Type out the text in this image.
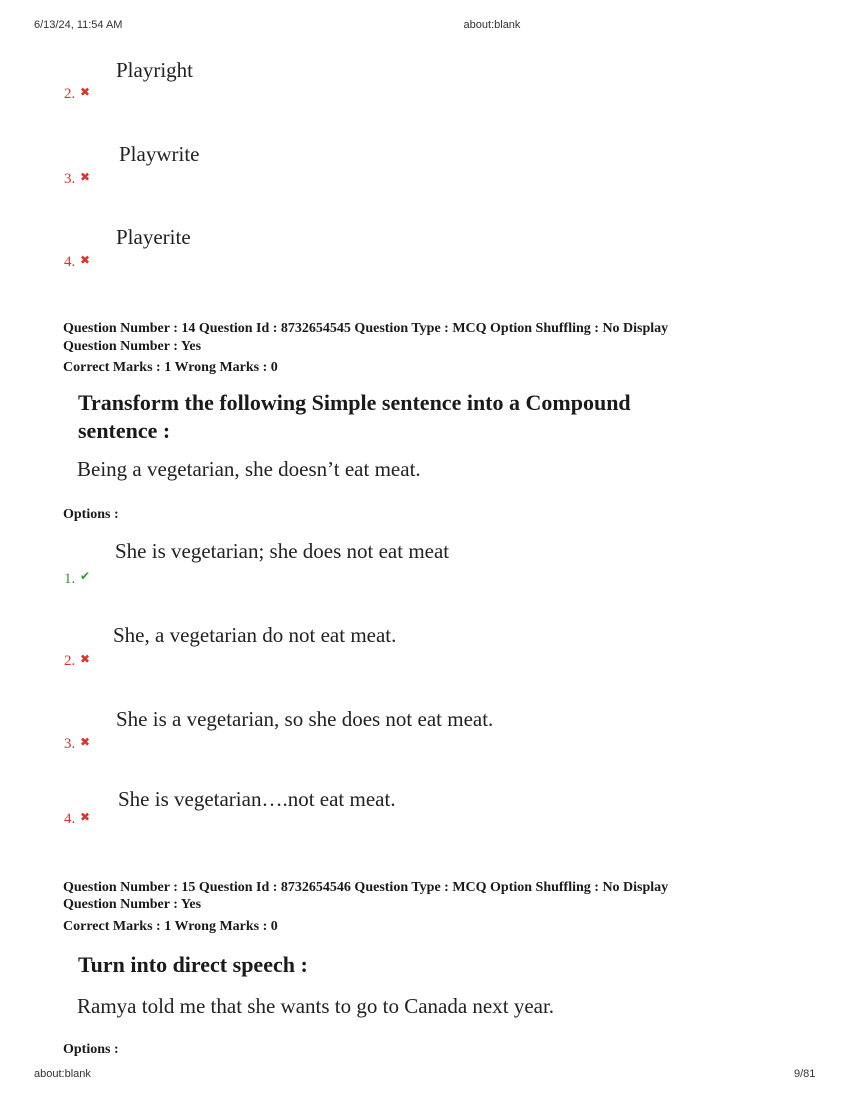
6/13/24, 11:54 AM	about:blank
2. ✖
Playright
3. ✖
Playwrite
4. ✖
Playerite
Question Number : 14 Question Id : 8732654545 Question Type : MCQ Option Shuffling : No Display
Question Number : Yes
Correct Marks : 1 Wrong Marks : 0
Transform the following Simple sentence into a Compound
sentence :
Being a vegetarian, she doesn’t eat meat.
Options :
1. ✔
She is vegetarian; she does not eat meat
2. ✖
She, a vegetarian do not eat meat.
3. ✖
She is a vegetarian, so she does not eat meat.
4. ✖
She is vegetarian….not eat meat.
Question Number : 15 Question Id : 8732654546 Question Type : MCQ Option Shuffling : No Display
Question Number : Yes
Correct Marks : 1 Wrong Marks : 0
Turn into direct speech :
Ramya told me that she wants to go to Canada next year.
Options :
about:blank	9/81
